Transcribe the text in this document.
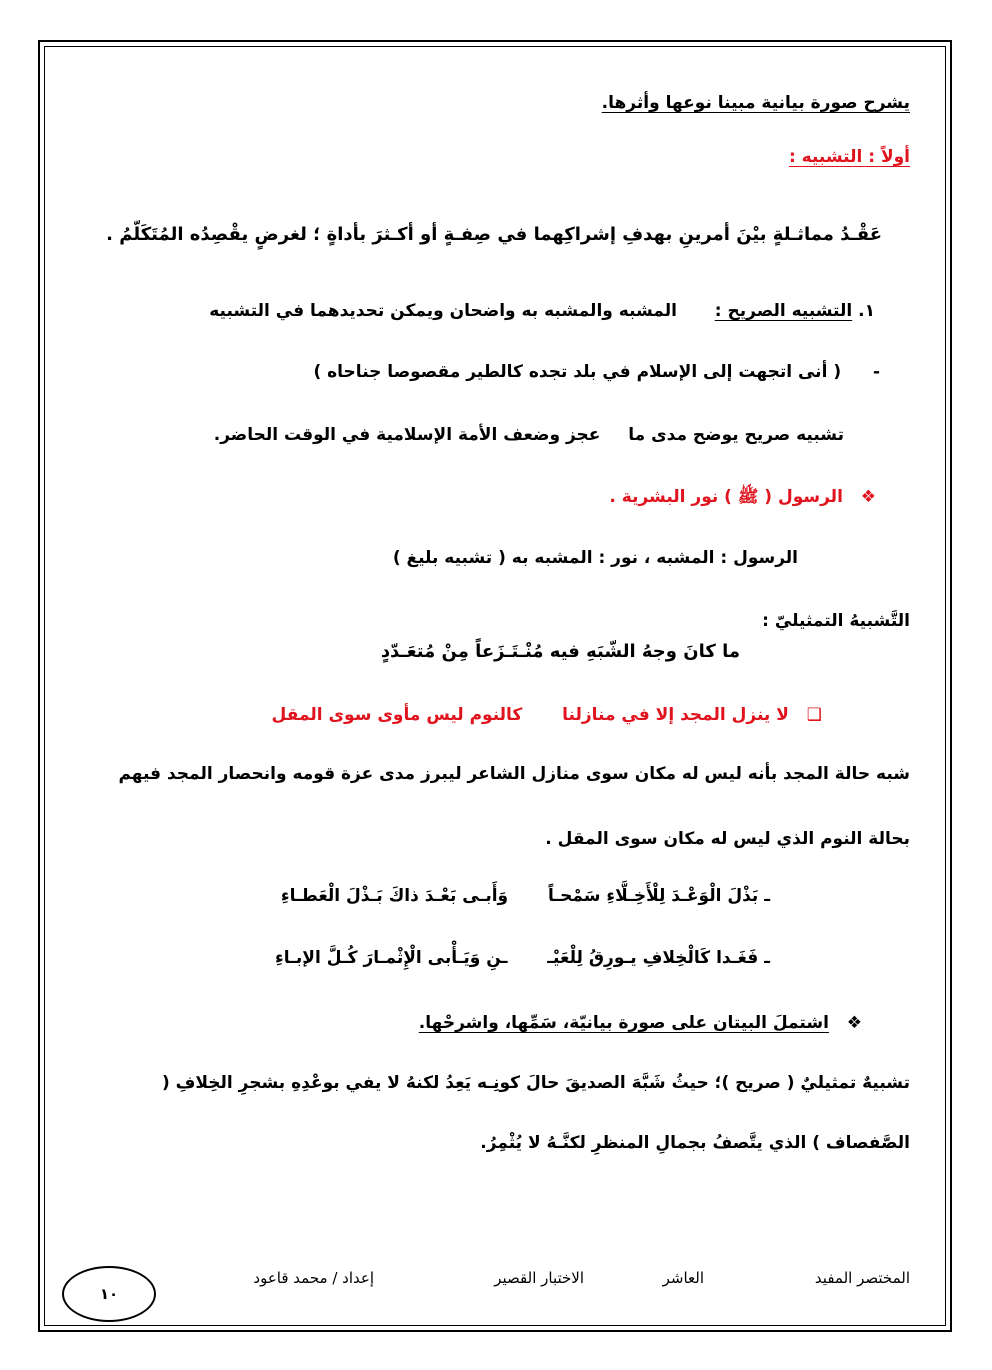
يشرح صورة بيانية مبينا نوعها وأثرها.
أولاً : التشبيه :
عَقْـدُ مماثـلةٍ بيْنَ أمرينِ بهدفِ إشراكِهما في صِفـةٍ أو أكـثرَ بأداةٍ ؛ لغرضٍ يقْصِدُه المُتَكَلّمُ .
١. التشبيه الصريح :  المشبه والمشبه به واضحان ويمكن تحديدهما في التشبيه
-  ( أنى اتجهت إلى الإسلام في بلد تجده كالطير مقصوصا جناحاه )
تشبيه صريح يوضح مدى ما  عجز وضعف الأمة الإسلامية في الوقت الحاضر.
❖  الرسول ( ﷺ ) نور البشرية .
الرسول : المشبه ، نور : المشبه به ( تشبيه بليغ )
التَّشبيهُ التمثيليّ :
ما كانَ وجهُ الشّبَهِ فيه مُنْـتَـزَعاً مِنْ مُتعَـدّدٍ
❑  لا ينزل المجد إلا في منازلنا  كالنوم ليس مأوى سوى المقل
شبه حالة المجد بأنه ليس له مكان سوى منازل الشاعر ليبرز مدى عزة قومه وانحصار المجد فيهم
بحالة النوم الذي ليس له مكان سوى المقل .
ـ بَذْلَ الْوَعْـدَ لِلْأَخِـلَّاءِ سَمْحـاً  وَأَبـى بَعْـدَ ذاكَ بَـذْلَ الْعَطـاءِ
ـ فَغَـدا كَالْخِلافِ يـورِقُ لِلْعَيْـ  ـنِ وَيَـأْبى الْإِثْمـارَ كُـلَّ الإبـاءِ
❖  اشتملَ البيتان على صورة بيانيّة، سَمِّها، واشرحْها.
تشبيهٌ تمثيليٌ ( صريح )؛ حيثُ شَبَّهَ الصديقَ حالَ كونِـه يَعِدُ لكنهُ لا يفي بوعْدِهِ بشجرِ الخِلافِ (
الصَّفصاف ) الذي يتَّصفُ بجمالِ المنظرِ لكنَّـهُ لا يُثْمِرُ.
المختصر المفيد
العاشر
الاختبار القصير
إعداد / محمد قاعود
١٠
